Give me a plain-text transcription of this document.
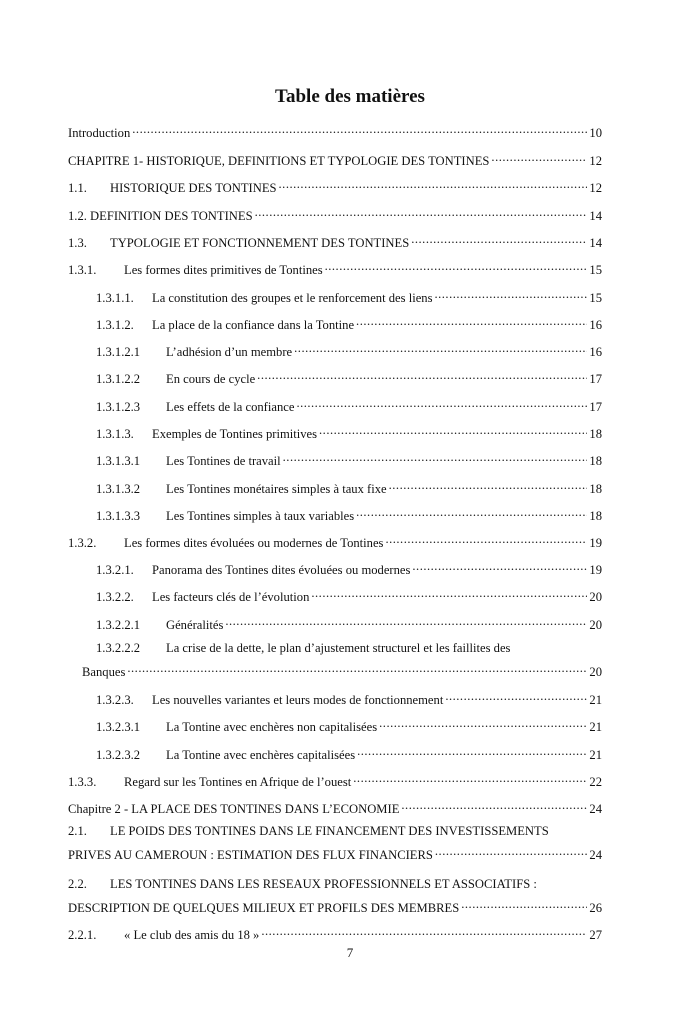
Table des matières
Introduction .....	10
CHAPITRE 1- HISTORIQUE, DEFINITIONS ET TYPOLOGIE DES TONTINES .....	12
1.1.	HISTORIQUE DES TONTINES .....	12
1.2. DEFINITION DES TONTINES .....	14
1.3.	TYPOLOGIE ET FONCTIONNEMENT DES TONTINES .....	14
1.3.1.	Les formes dites primitives de Tontines .....	15
1.3.1.1.	La constitution des groupes et le renforcement des liens .....	15
1.3.1.2.	La place de la confiance dans la Tontine .....	16
1.3.1.2.1	L’adhésion d’un membre .....	16
1.3.1.2.2	En cours de cycle .....	17
1.3.1.2.3	Les effets de la confiance .....	17
1.3.1.3.	Exemples de Tontines primitives .....	18
1.3.1.3.1	Les Tontines de travail .....	18
1.3.1.3.2	Les Tontines monétaires simples à taux fixe .....	18
1.3.1.3.3	Les Tontines simples à taux variables .....	18
1.3.2.	Les formes dites évoluées ou modernes de Tontines .....	19
1.3.2.1.	Panorama des Tontines dites évoluées ou modernes .....	19
1.3.2.2.	Les facteurs clés de l’évolution .....	20
1.3.2.2.1	Généralités .....	20
1.3.2.2.2	La crise de la dette, le plan d’ajustement structurel et les faillites des
Banques .....	20
1.3.2.3.	Les nouvelles variantes et leurs modes de fonctionnement .....	21
1.3.2.3.1	La Tontine avec enchères non capitalisées .....	21
1.3.2.3.2	La Tontine avec enchères capitalisées .....	21
1.3.3.	Regard sur les Tontines en Afrique de l’ouest .....	22
Chapitre 2 - LA PLACE DES TONTINES DANS L’ECONOMIE .....	24
2.1.	LE POIDS DES TONTINES DANS LE FINANCEMENT DES INVESTISSEMENTS
PRIVES AU CAMEROUN : ESTIMATION DES FLUX FINANCIERS .....	24
2.2.	LES TONTINES DANS LES RESEAUX PROFESSIONNELS ET ASSOCIATIFS :
DESCRIPTION DE QUELQUES MILIEUX ET PROFILS DES MEMBRES .....	26
2.2.1.	« Le club des amis du 18 » .....	27
7
